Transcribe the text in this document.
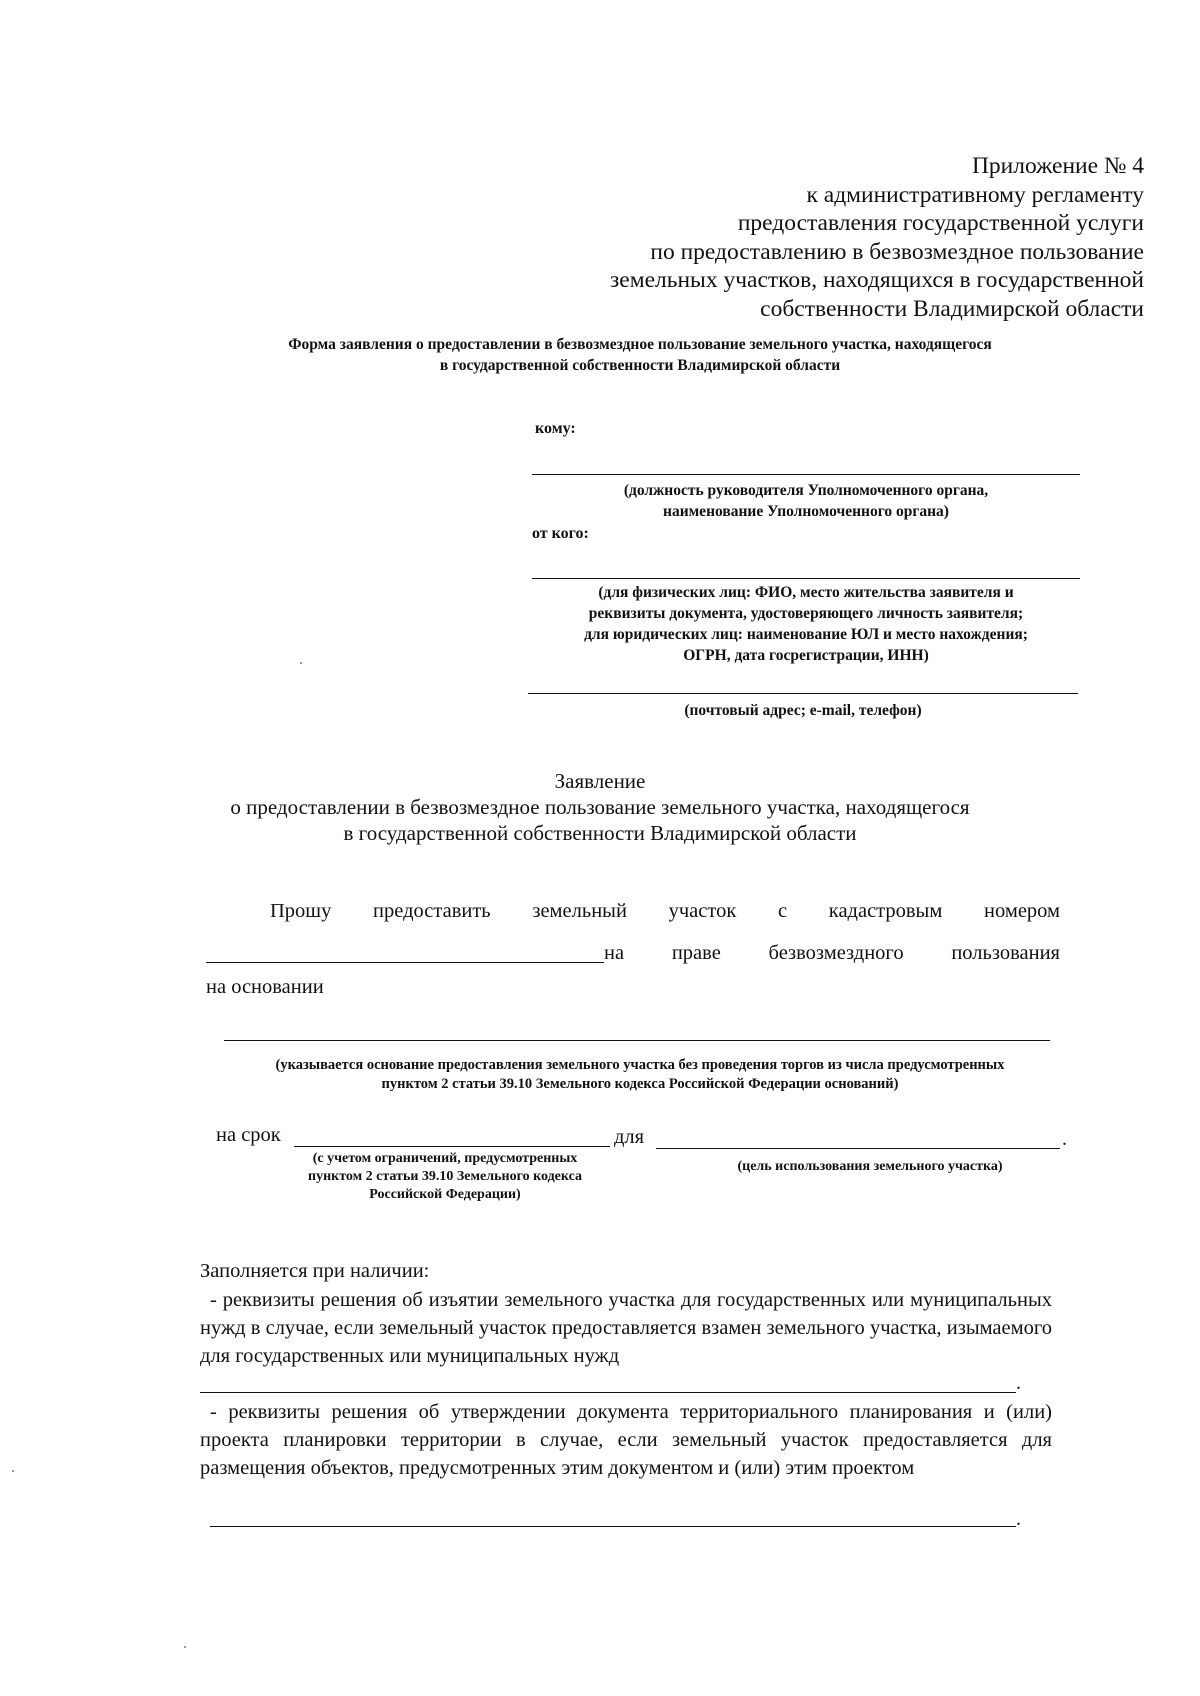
Приложение № 4
к административному регламенту
предоставления государственной услуги
по предоставлению в безвозмездное пользование
земельных участков, находящихся в государственной
собственности Владимирской области
Форма заявления о предоставлении в безвозмездное пользование земельного участка, находящегося
в государственной собственности Владимирской области
кому:
(должность руководителя Уполномоченного органа,
наименование Уполномоченного органа)
от кого:
(для физических лиц: ФИО, место жительства заявителя и
реквизиты документа, удостоверяющего личность заявителя;
для юридических лиц: наименование ЮЛ и место нахождения;
ОГРН, дата госрегистрации, ИНН)
(почтовый адрес; e-mail, телефон)
Заявление
о предоставлении в безвозмездное пользование земельного участка, находящегося
в государственной собственности Владимирской области
Прошу предоставить земельный участок с кадастровым номером
на праве безвозмездного пользования
на основании
(указывается основание предоставления земельного участка без проведения торгов из числа предусмотренных
пунктом 2 статьи 39.10 Земельного кодекса Российской Федерации оснований)
на срок	для	.
(с учетом ограничений, предусмотренных
пунктом 2 статьи 39.10 Земельного кодекса
Российской Федерации)
(цель использования земельного участка)
Заполняется при наличии:
- реквизиты решения об изъятии земельного участка для государственных или муниципальных нужд в случае, если земельный участок предоставляется взамен земельного участка, изымаемого для государственных или муниципальных нужд
.
- реквизиты решения об утверждении документа территориального планирования и (или) проекта планировки территории в случае, если земельный участок предоставляется для размещения объектов, предусмотренных этим документом и (или) этим проектом
.
